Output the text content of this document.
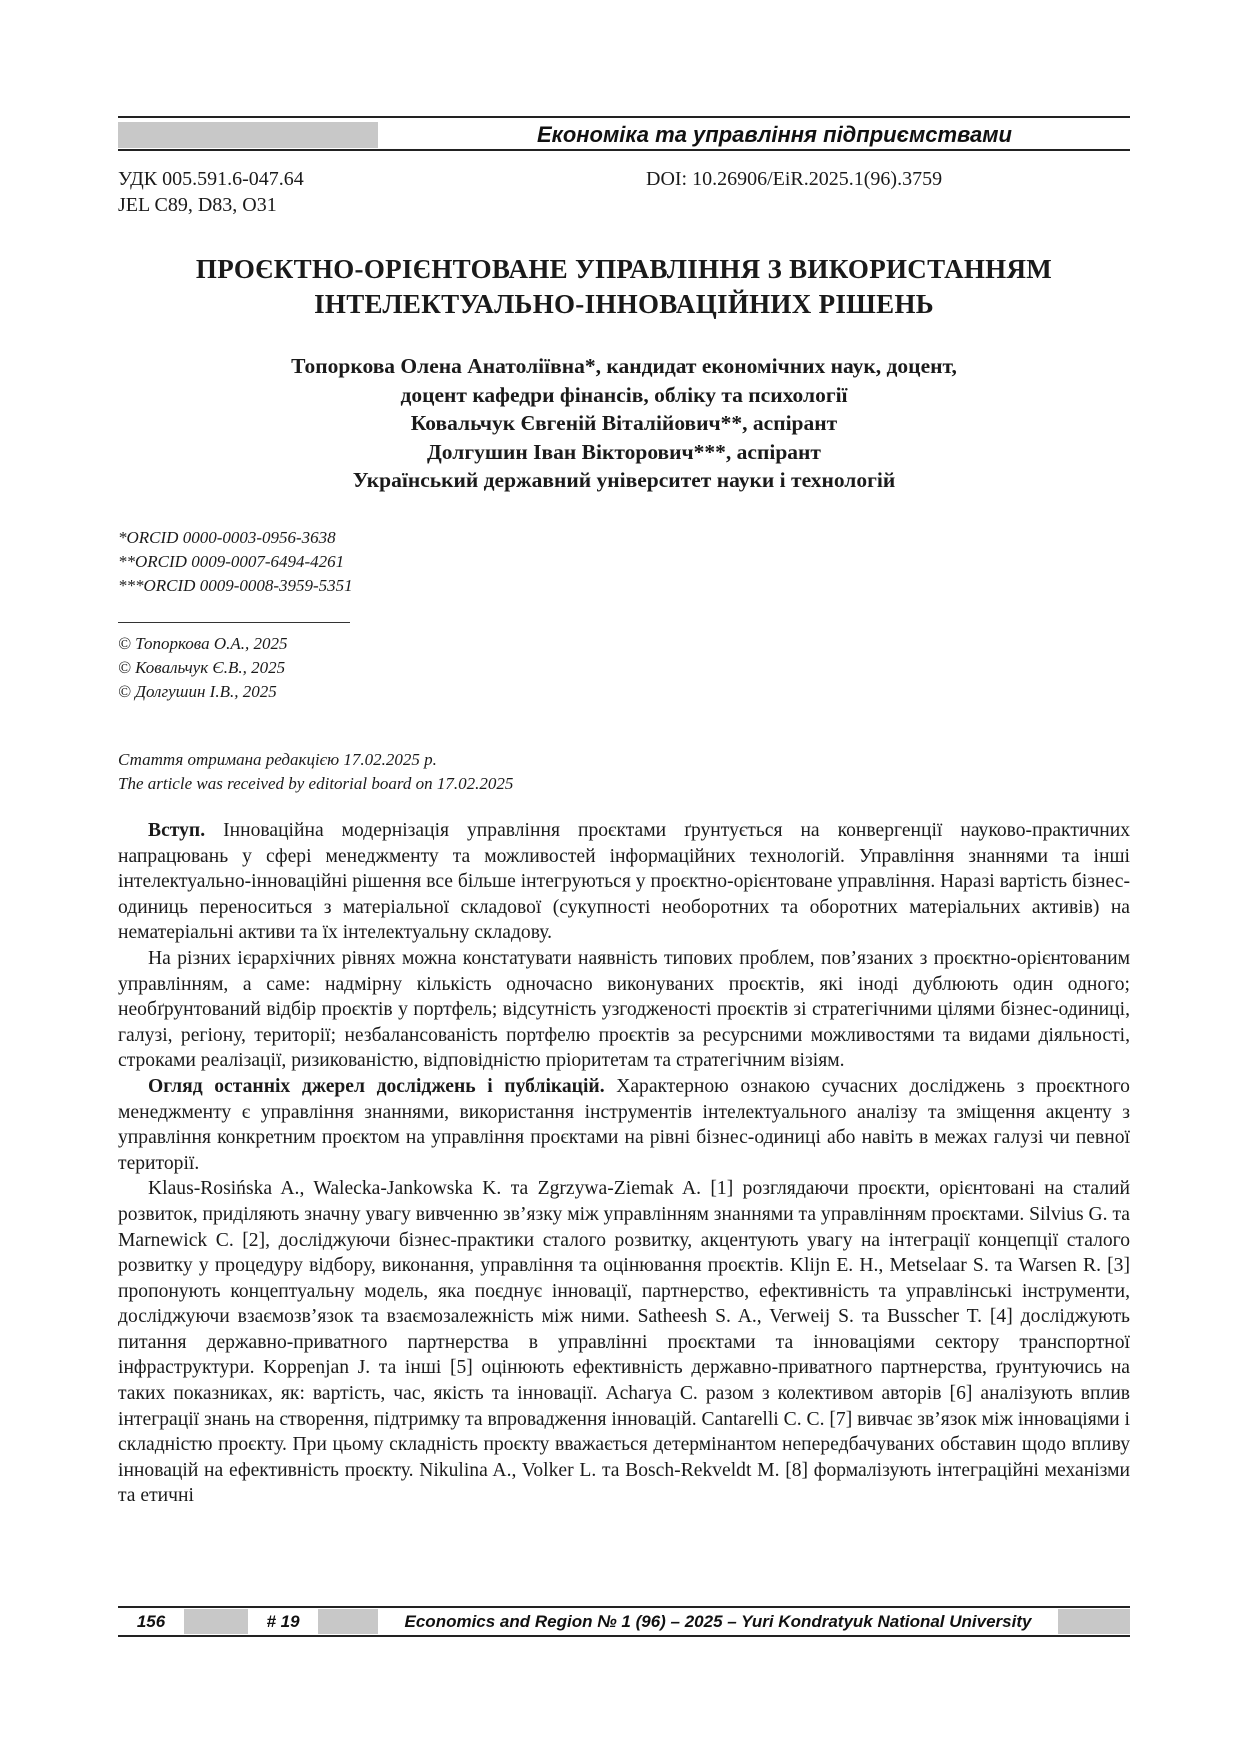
Економіка та управління підприємствами
УДК 005.591.6-047.64
JEL C89, D83, O31
DOI: 10.26906/EiR.2025.1(96).3759
ПРОЄКТНО-ОРІЄНТОВАНЕ УПРАВЛІННЯ З ВИКОРИСТАННЯМ
ІНТЕЛЕКТУАЛЬНО-ІННОВАЦІЙНИХ РІШЕНЬ
Топоркова Олена Анатоліївна*, кандидат економічних наук, доцент,
доцент кафедри фінансів, обліку та психології
Ковальчук Євгеній Віталійович**, аспірант
Долгушин Іван Вікторович***, аспірант
Український державний університет науки і технологій
*ORCID 0000-0003-0956-3638
**ORCID 0009-0007-6494-4261
***ORCID 0009-0008-3959-5351
© Топоркова О.А., 2025
© Ковальчук Є.В., 2025
© Долгушин І.В., 2025
Стаття отримана редакцією 17.02.2025 р.
The article was received by editorial board on 17.02.2025

Вступ. Інноваційна модернізація управління проєктами ґрунтується на конвергенції науково-практичних напрацювань у сфері менеджменту та можливостей інформаційних технологій. Управління знаннями та інші інтелектуально-інноваційні рішення все більше інтегруються у проєктно-орієнтоване управління. Наразі вартість бізнес-одиниць переноситься з матеріальної складової (сукупності необоротних та оборотних матеріальних активів) на нематеріальні активи та їх інтелектуальну складову.

На різних ієрархічних рівнях можна констатувати наявність типових проблем, пов’язаних з проєктно-орієнтованим управлінням, а саме: надмірну кількість одночасно виконуваних проєктів, які іноді дублюють один одного; необґрунтований відбір проєктів у портфель; відсутність узгодженості проєктів зі стратегічними цілями бізнес-одиниці, галузі, регіону, території; незбалансованість портфелю проєктів за ресурсними можливостями та видами діяльності, строками реалізації, ризикованістю, відповідністю пріоритетам та стратегічним візіям.

Огляд останніх джерел досліджень і публікацій. Характерною ознакою сучасних досліджень з проєктного менеджменту є управління знаннями, використання інструментів інтелектуального аналізу та зміщення акценту з управління конкретним проєктом на управління проєктами на рівні бізнес-одиниці або навіть в межах галузі чи певної території.

Klaus-Rosińska A., Walecka-Jankowska K. та Zgrzywa-Ziemak A. [1] розглядаючи проєкти, орієнтовані на сталий розвиток, приділяють значну увагу вивченню зв’язку між управлінням знаннями та управлінням проєктами. Silvius G. та Marnewick C. [2], досліджуючи бізнес-практики сталого розвитку, акцентують увагу на інтеграції концепції сталого розвитку у процедуру відбору, виконання, управління та оцінювання проєктів. Klijn E. H., Metselaar S. та Warsen R. [3] пропонують концептуальну модель, яка поєднує інновації, партнерство, ефективність та управлінські інструменти, досліджуючи взаємозв’язок та взаємозалежність між ними. Satheesh S. A., Verweij S. та Busscher T. [4] досліджують питання державно-приватного партнерства в управлінні проєктами та інноваціями сектору транспортної інфраструктури. Koppenjan J. та інші [5] оцінюють ефективність державно-приватного партнерства, ґрунтуючись на таких показниках, як: вартість, час, якість та інновації. Acharya C. разом з колективом авторів [6] аналізують вплив інтеграції знань на створення, підтримку та впровадження інновацій. Cantarelli C. C. [7] вивчає зв’язок між інноваціями і складністю проєкту. При цьому складність проєкту вважається детермінантом непередбачуваних обставин щодо впливу інновацій на ефективність проєкту. Nikulina A., Volker L. та Bosch-Rekveldt M. [8] формалізують інтеграційні механізми та етичні

156	# 19	Economics and Region № 1 (96) – 2025 – Yuri Kondratyuk National University
